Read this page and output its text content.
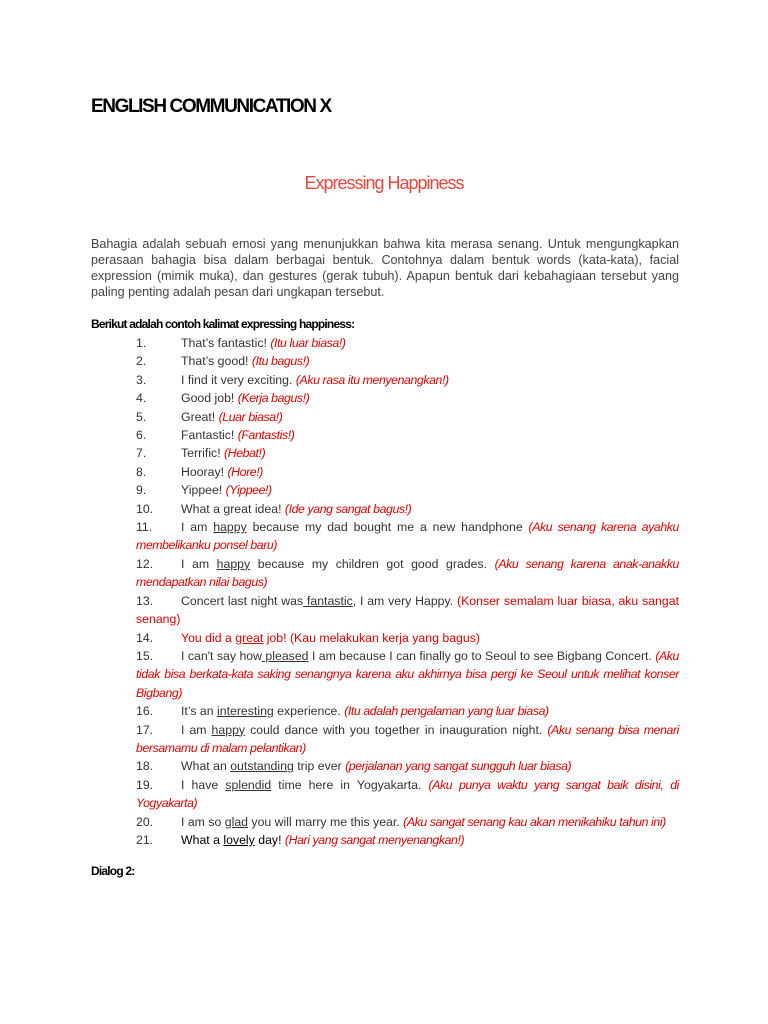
ENGLISH COMMUNICATION X
Expressing Happiness
Bahagia adalah sebuah emosi yang menunjukkan bahwa kita merasa senang. Untuk mengungkapkan perasaan bahagia bisa dalam berbagai bentuk. Contohnya dalam bentuk words (kata-kata), facial expression (mimik muka), dan gestures (gerak tubuh). Apapun bentuk dari kebahagiaan tersebut yang paling penting adalah pesan dari ungkapan tersebut.
Berikut adalah contoh kalimat expressing happiness:
1.	That’s fantastic! (Itu luar biasa!)
2.	That’s good! (Itu bagus!)
3.	I find it very exciting. (Aku rasa itu menyenangkan!)
4.	Good job! (Kerja bagus!)
5.	Great! (Luar biasa!)
6.	Fantastic! (Fantastis!)
7.	Terrific! (Hebat!)
8.	Hooray! (Hore!)
9.	Yippee! (Yippee!)
10. What a great idea! (Ide yang sangat bagus!)
11. I am happy because my dad bought me a new handphone (Aku senang karena ayahku membelikanku ponsel baru)
12. I am happy because my children got good grades. (Aku senang karena anak-anakku mendapatkan nilai bagus)
13. Concert last night was fantastic, I am very Happy. (Konser semalam luar biasa, aku sangat senang)
14. You did a great job! (Kau melakukan kerja yang bagus)
15. I can't say how pleased I am because I can finally go to Seoul to see Bigbang Concert. (Aku tidak bisa berkata-kata saking senangnya karena aku akhirnya bisa pergi ke Seoul untuk melihat konser Bigbang)
16. It’s an interesting experience. (Itu adalah pengalaman yang luar biasa)
17. I am happy could dance with you together in inauguration night. (Aku senang bisa menari bersamamu di malam pelantikan)
18. What an outstanding trip ever (perjalanan yang sangat sungguh luar biasa)
19. I have splendid time here in Yogyakarta. (Aku punya waktu yang sangat baik disini, di Yogyakarta)
20. I am so glad you will marry me this year. (Aku sangat senang kau akan menikahiku tahun ini)
21. What a lovely day! (Hari yang sangat menyenangkan!)
Dialog 2:
